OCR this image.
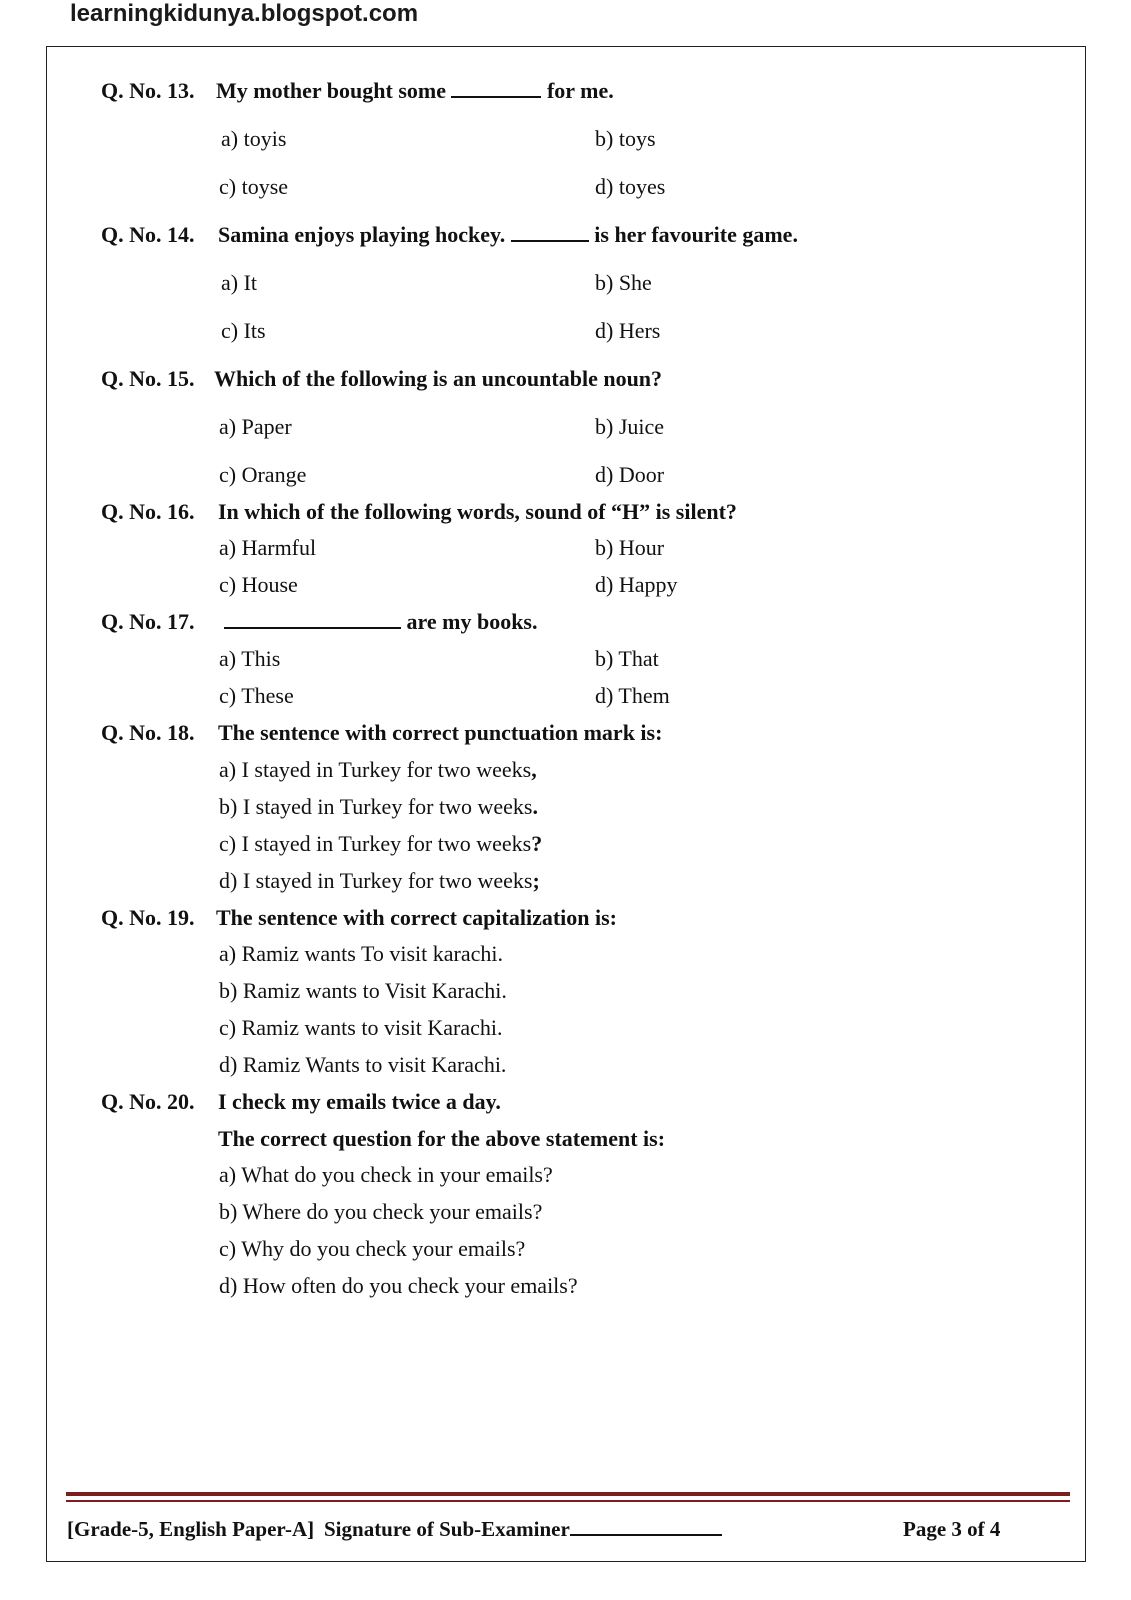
learningkidunya.blogspot.com
Q. No. 13. My mother bought some	for me.
a) toyis	b) toys
c) toyse	d) toyes
Q. No. 14. Samina enjoys playing hockey.	is her favourite game.
a) It	b) She
c) Its	d) Hers
Q. No. 15. Which of the following is an uncountable noun?
a) Paper	b) Juice
c) Orange	d) Door
Q. No. 16. In which of the following words, sound of “H” is silent?
a) Harmful	b) Hour
c) House	d) Happy
Q. No. 17.	are my books.
a) This	b) That
c) These	d) Them
Q. No. 18. The sentence with correct punctuation mark is:
a) I stayed in Turkey for two weeks,
b) I stayed in Turkey for two weeks.
c) I stayed in Turkey for two weeks?
d) I stayed in Turkey for two weeks;
Q. No. 19. The sentence with correct capitalization is:
a) Ramiz wants To visit karachi.
b) Ramiz wants to Visit Karachi.
c) Ramiz wants to visit Karachi.
d) Ramiz Wants to visit Karachi.
Q. No. 20. I check my emails twice a day.
The correct question for the above statement is:
a) What do you check in your emails?
b) Where do you check your emails?
c) Why do you check your emails?
d) How often do you check your emails?
[Grade-5, English Paper-A] Signature of Sub-Examiner	Page 3 of 4
